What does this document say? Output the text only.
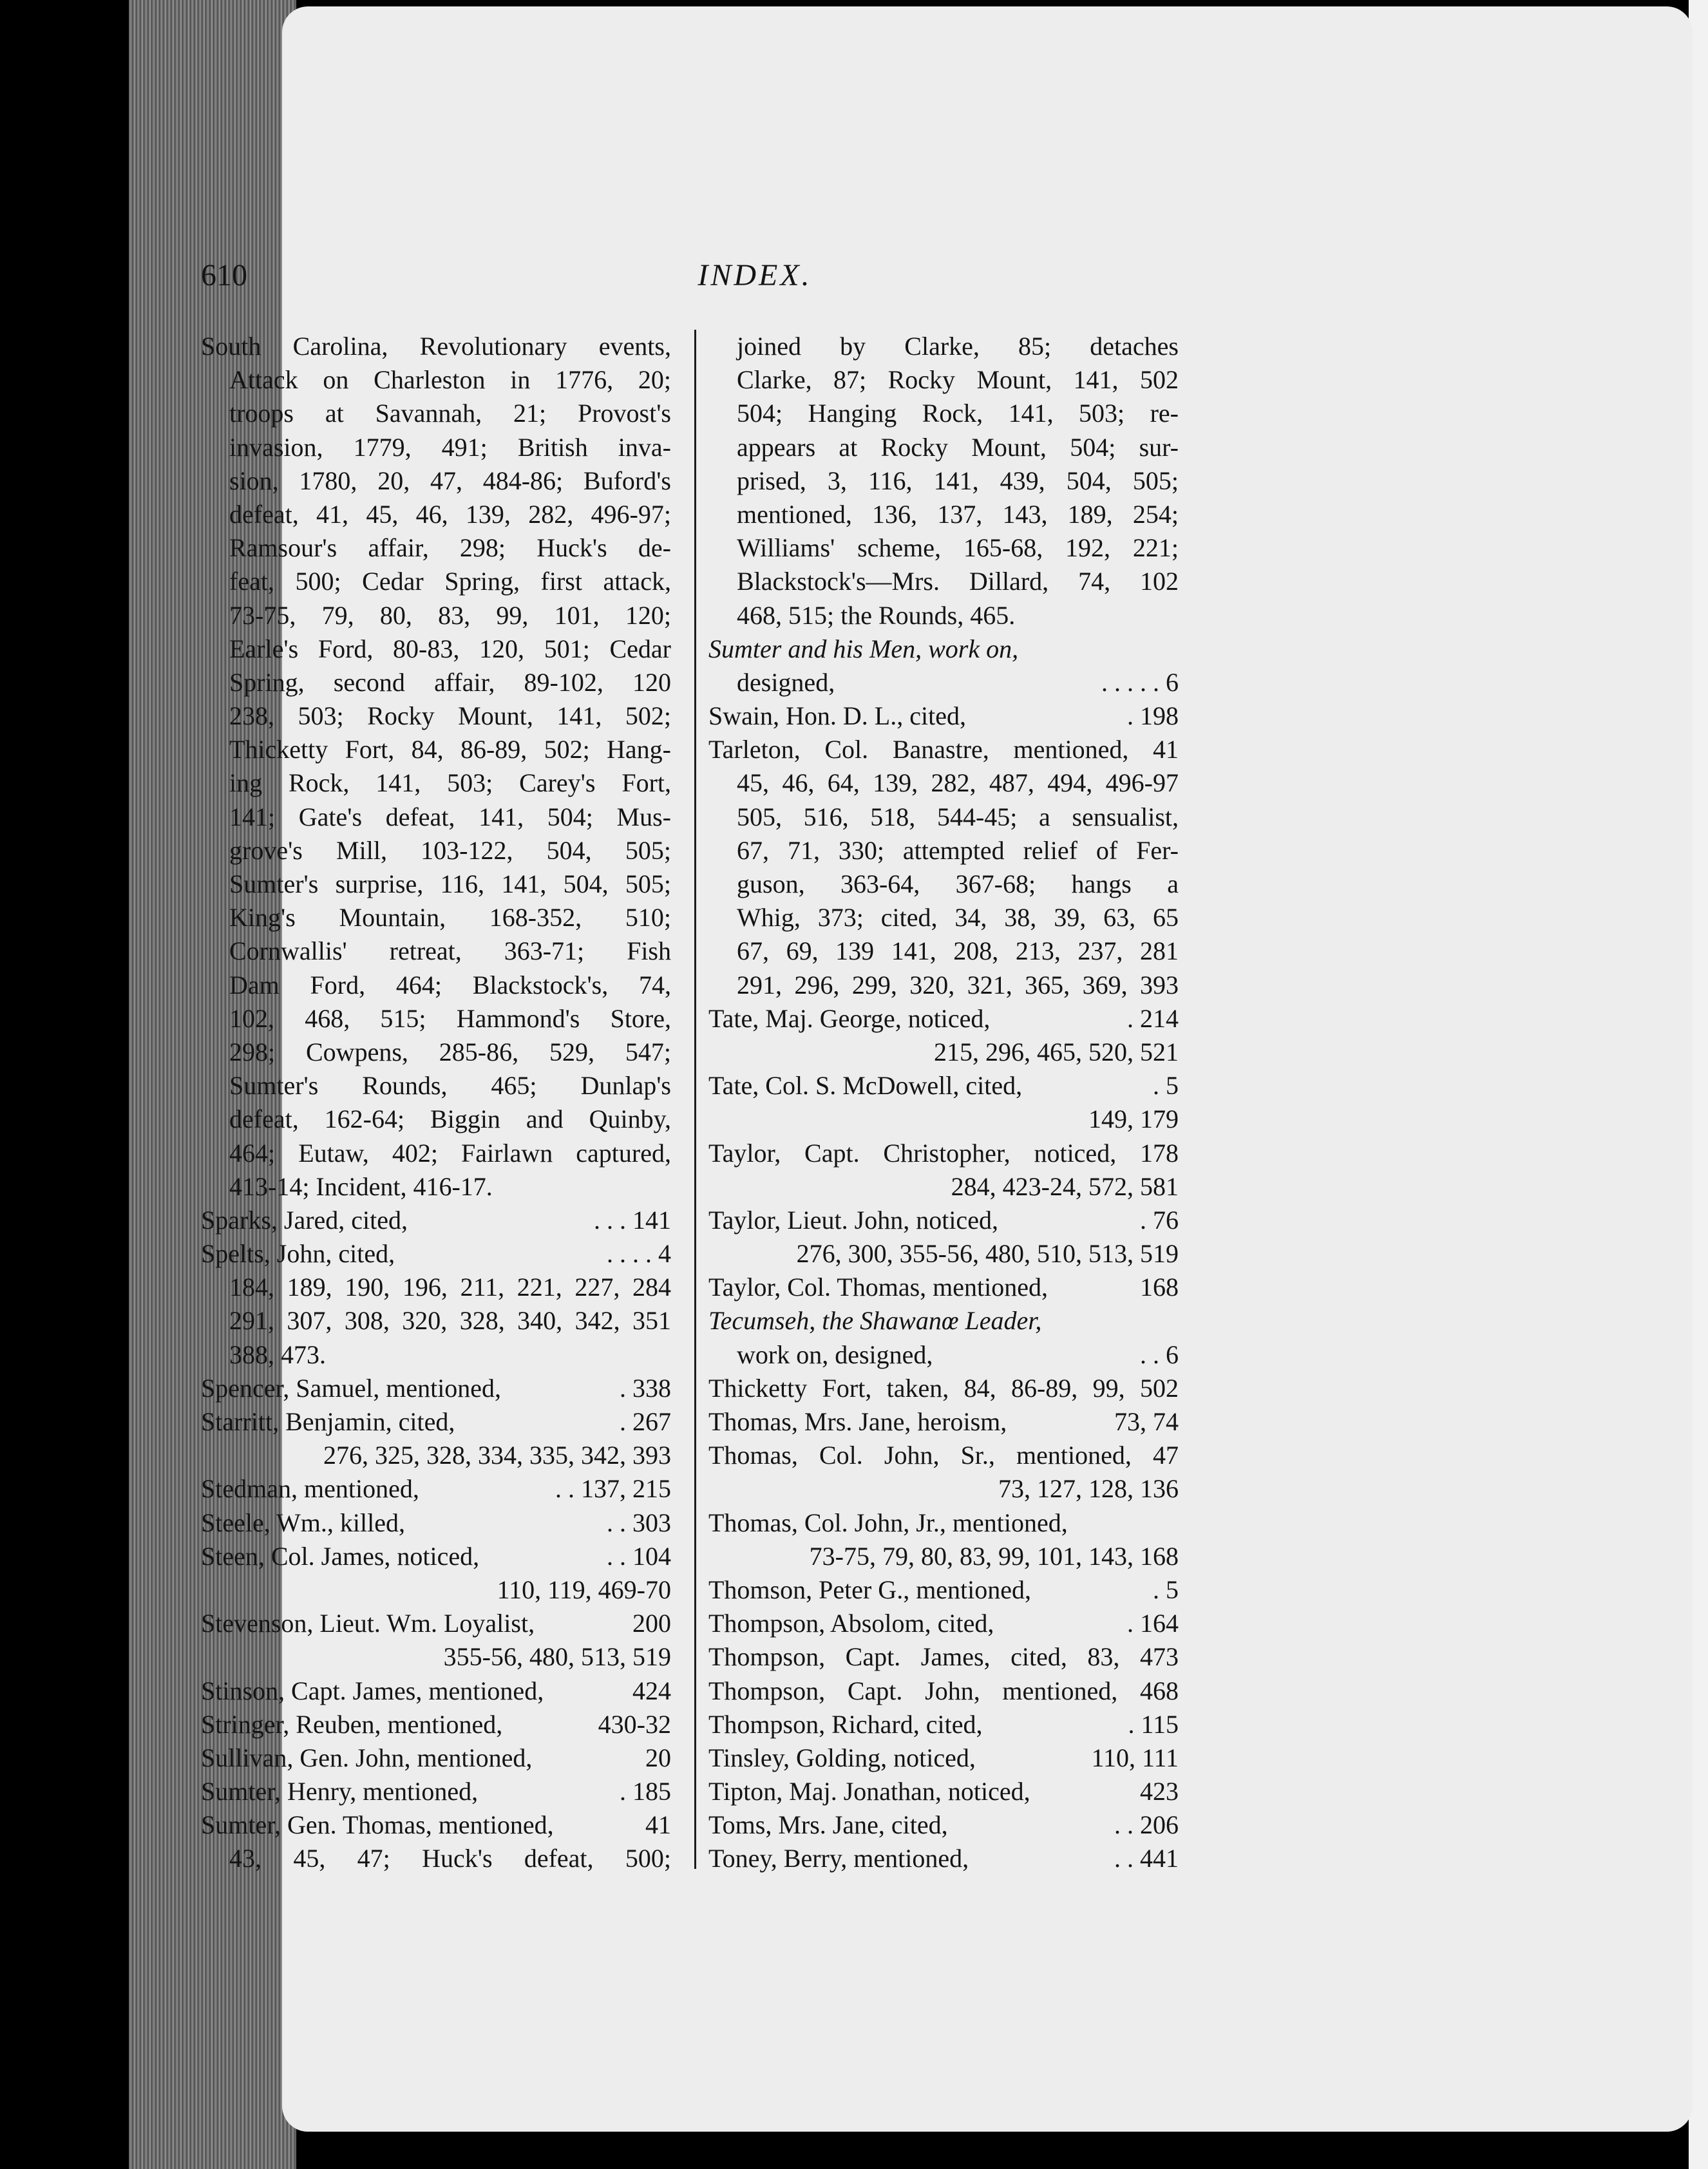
610	INDEX.
South Carolina, Revolutionary events,
Attack on Charleston in 1776, 20;
troops at Savannah, 21; Provost's
invasion, 1779, 491; British inva-
sion, 1780, 20, 47, 484-86; Buford's
defeat, 41, 45, 46, 139, 282, 496-97;
Ramsour's affair, 298; Huck's de-
feat, 500; Cedar Spring, first attack,
73-75, 79, 80, 83, 99, 101, 120;
Earle's Ford, 80-83, 120, 501; Cedar
Spring, second affair, 89-102, 120
238, 503; Rocky Mount, 141, 502;
Thicketty Fort, 84, 86-89, 502; Hang-
ing Rock, 141, 503; Carey's Fort,
141; Gate's defeat, 141, 504; Mus-
grove's Mill, 103-122, 504, 505;
Sumter's surprise, 116, 141, 504, 505;
King's Mountain, 168-352, 510;
Cornwallis' retreat, 363-71; Fish
Dam Ford, 464; Blackstock's, 74,
102, 468, 515; Hammond's Store,
298; Cowpens, 285-86, 529, 547;
Sumter's Rounds, 465; Dunlap's
defeat, 162-64; Biggin and Quinby,
464; Eutaw, 402; Fairlawn captured,
413-14; Incident, 416-17.
Sparks, Jared, cited,	. . . 141
Spelts, John, cited,	. . . . 4
184, 189, 190, 196, 211, 221, 227, 284
291, 307, 308, 320, 328, 340, 342, 351
388, 473.
Spencer, Samuel, mentioned,	. 338
Starritt, Benjamin, cited,	. 267
276, 325, 328, 334, 335, 342, 393
Stedman, mentioned,	. . 137, 215
Steele, Wm., killed,	. . 303
Steen, Col. James, noticed,	. . 104
110, 119, 469-70
Stevenson, Lieut. Wm. Loyalist,	200
355-56, 480, 513, 519
Stinson, Capt. James, mentioned,	424
Stringer, Reuben, mentioned,	430-32
Sullivan, Gen. John, mentioned,	20
Sumter, Henry, mentioned,	. 185
Sumter, Gen. Thomas, mentioned,	41
43, 45, 47; Huck's defeat, 500;
joined by Clarke, 85; detaches
Clarke, 87; Rocky Mount, 141, 502
504; Hanging Rock, 141, 503; re-
appears at Rocky Mount, 504; sur-
prised, 3, 116, 141, 439, 504, 505;
mentioned, 136, 137, 143, 189, 254;
Williams' scheme, 165-68, 192, 221;
Blackstock's—Mrs. Dillard, 74, 102
468, 515; the Rounds, 465.
Sumter and his Men, work on,
designed,	. . . . . 6
Swain, Hon. D. L., cited,	. 198
Tarleton, Col. Banastre, mentioned, 41
45, 46, 64, 139, 282, 487, 494, 496-97
505, 516, 518, 544-45; a sensualist,
67, 71, 330; attempted relief of Fer-
guson, 363-64, 367-68; hangs a
Whig, 373; cited, 34, 38, 39, 63, 65
67, 69, 139 141, 208, 213, 237, 281
291, 296, 299, 320, 321, 365, 369, 393
Tate, Maj. George, noticed,	. 214
215, 296, 465, 520, 521
Tate, Col. S. McDowell, cited,	. 5
149, 179
Taylor, Capt. Christopher, noticed, 178
284, 423-24, 572, 581
Taylor, Lieut. John, noticed,	. 76
276, 300, 355-56, 480, 510, 513, 519
Taylor, Col. Thomas, mentioned,	168
Tecumseh, the Shawanœ Leader,
work on, designed,	. . 6
Thicketty Fort, taken, 84, 86-89, 99, 502
Thomas, Mrs. Jane, heroism,	73, 74
Thomas, Col. John, Sr., mentioned, 47
73, 127, 128, 136
Thomas, Col. John, Jr., mentioned,
73-75, 79, 80, 83, 99, 101, 143, 168
Thomson, Peter G., mentioned,	. 5
Thompson, Absolom, cited,	. 164
Thompson, Capt. James, cited, 83, 473
Thompson, Capt. John, mentioned, 468
Thompson, Richard, cited,	. 115
Tinsley, Golding, noticed,	110, 111
Tipton, Maj. Jonathan, noticed,	423
Toms, Mrs. Jane, cited,	. . 206
Toney, Berry, mentioned,	. . 441
